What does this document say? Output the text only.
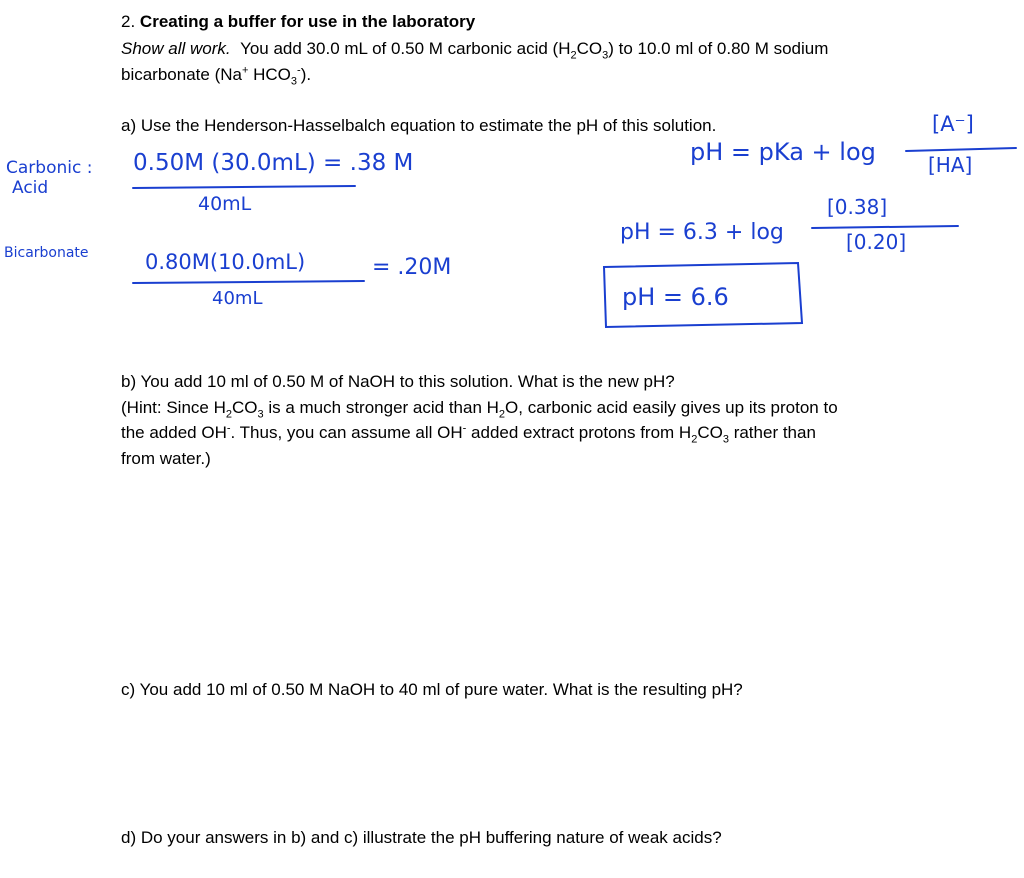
2. Creating a buffer for use in the laboratory
Show all work. You add 30.0 mL of 0.50 M carbonic acid $(H_2CO_3)$ to 10.0 ml of 0.80 M sodium
bicarbonate (Na+ $HCO_3^-$).
a) Use the Henderson-Hasselbalch equation to estimate the pH of this solution.
b) You add 10 ml of 0.50 M of NaOH to this solution. What is the new pH?
(Hint: Since $H_2CO_3$ is a much stronger acid than $H_2O$, carbonic acid easily gives up its proton to
the added OH-. Thus, you can assume all OH- added extract protons from $H_2CO_3$ rather than
from water.)
c) You add 10 ml of 0.50 M NaOH to 40 ml of pure water. What is the resulting pH?
d) Do your answers in b) and c) illustrate the pH buffering nature of weak acids?
Carbonic :
Acid
0.50M (30.0mL) = .38 M
40mL
Bicarbonate	0.80M(10.0mL)	= .20M
40mL
pH = pKa + log
[A⁻]
[HA]
pH = 6.3 + log
[0.38]
[0.20]
pH = 6.6
